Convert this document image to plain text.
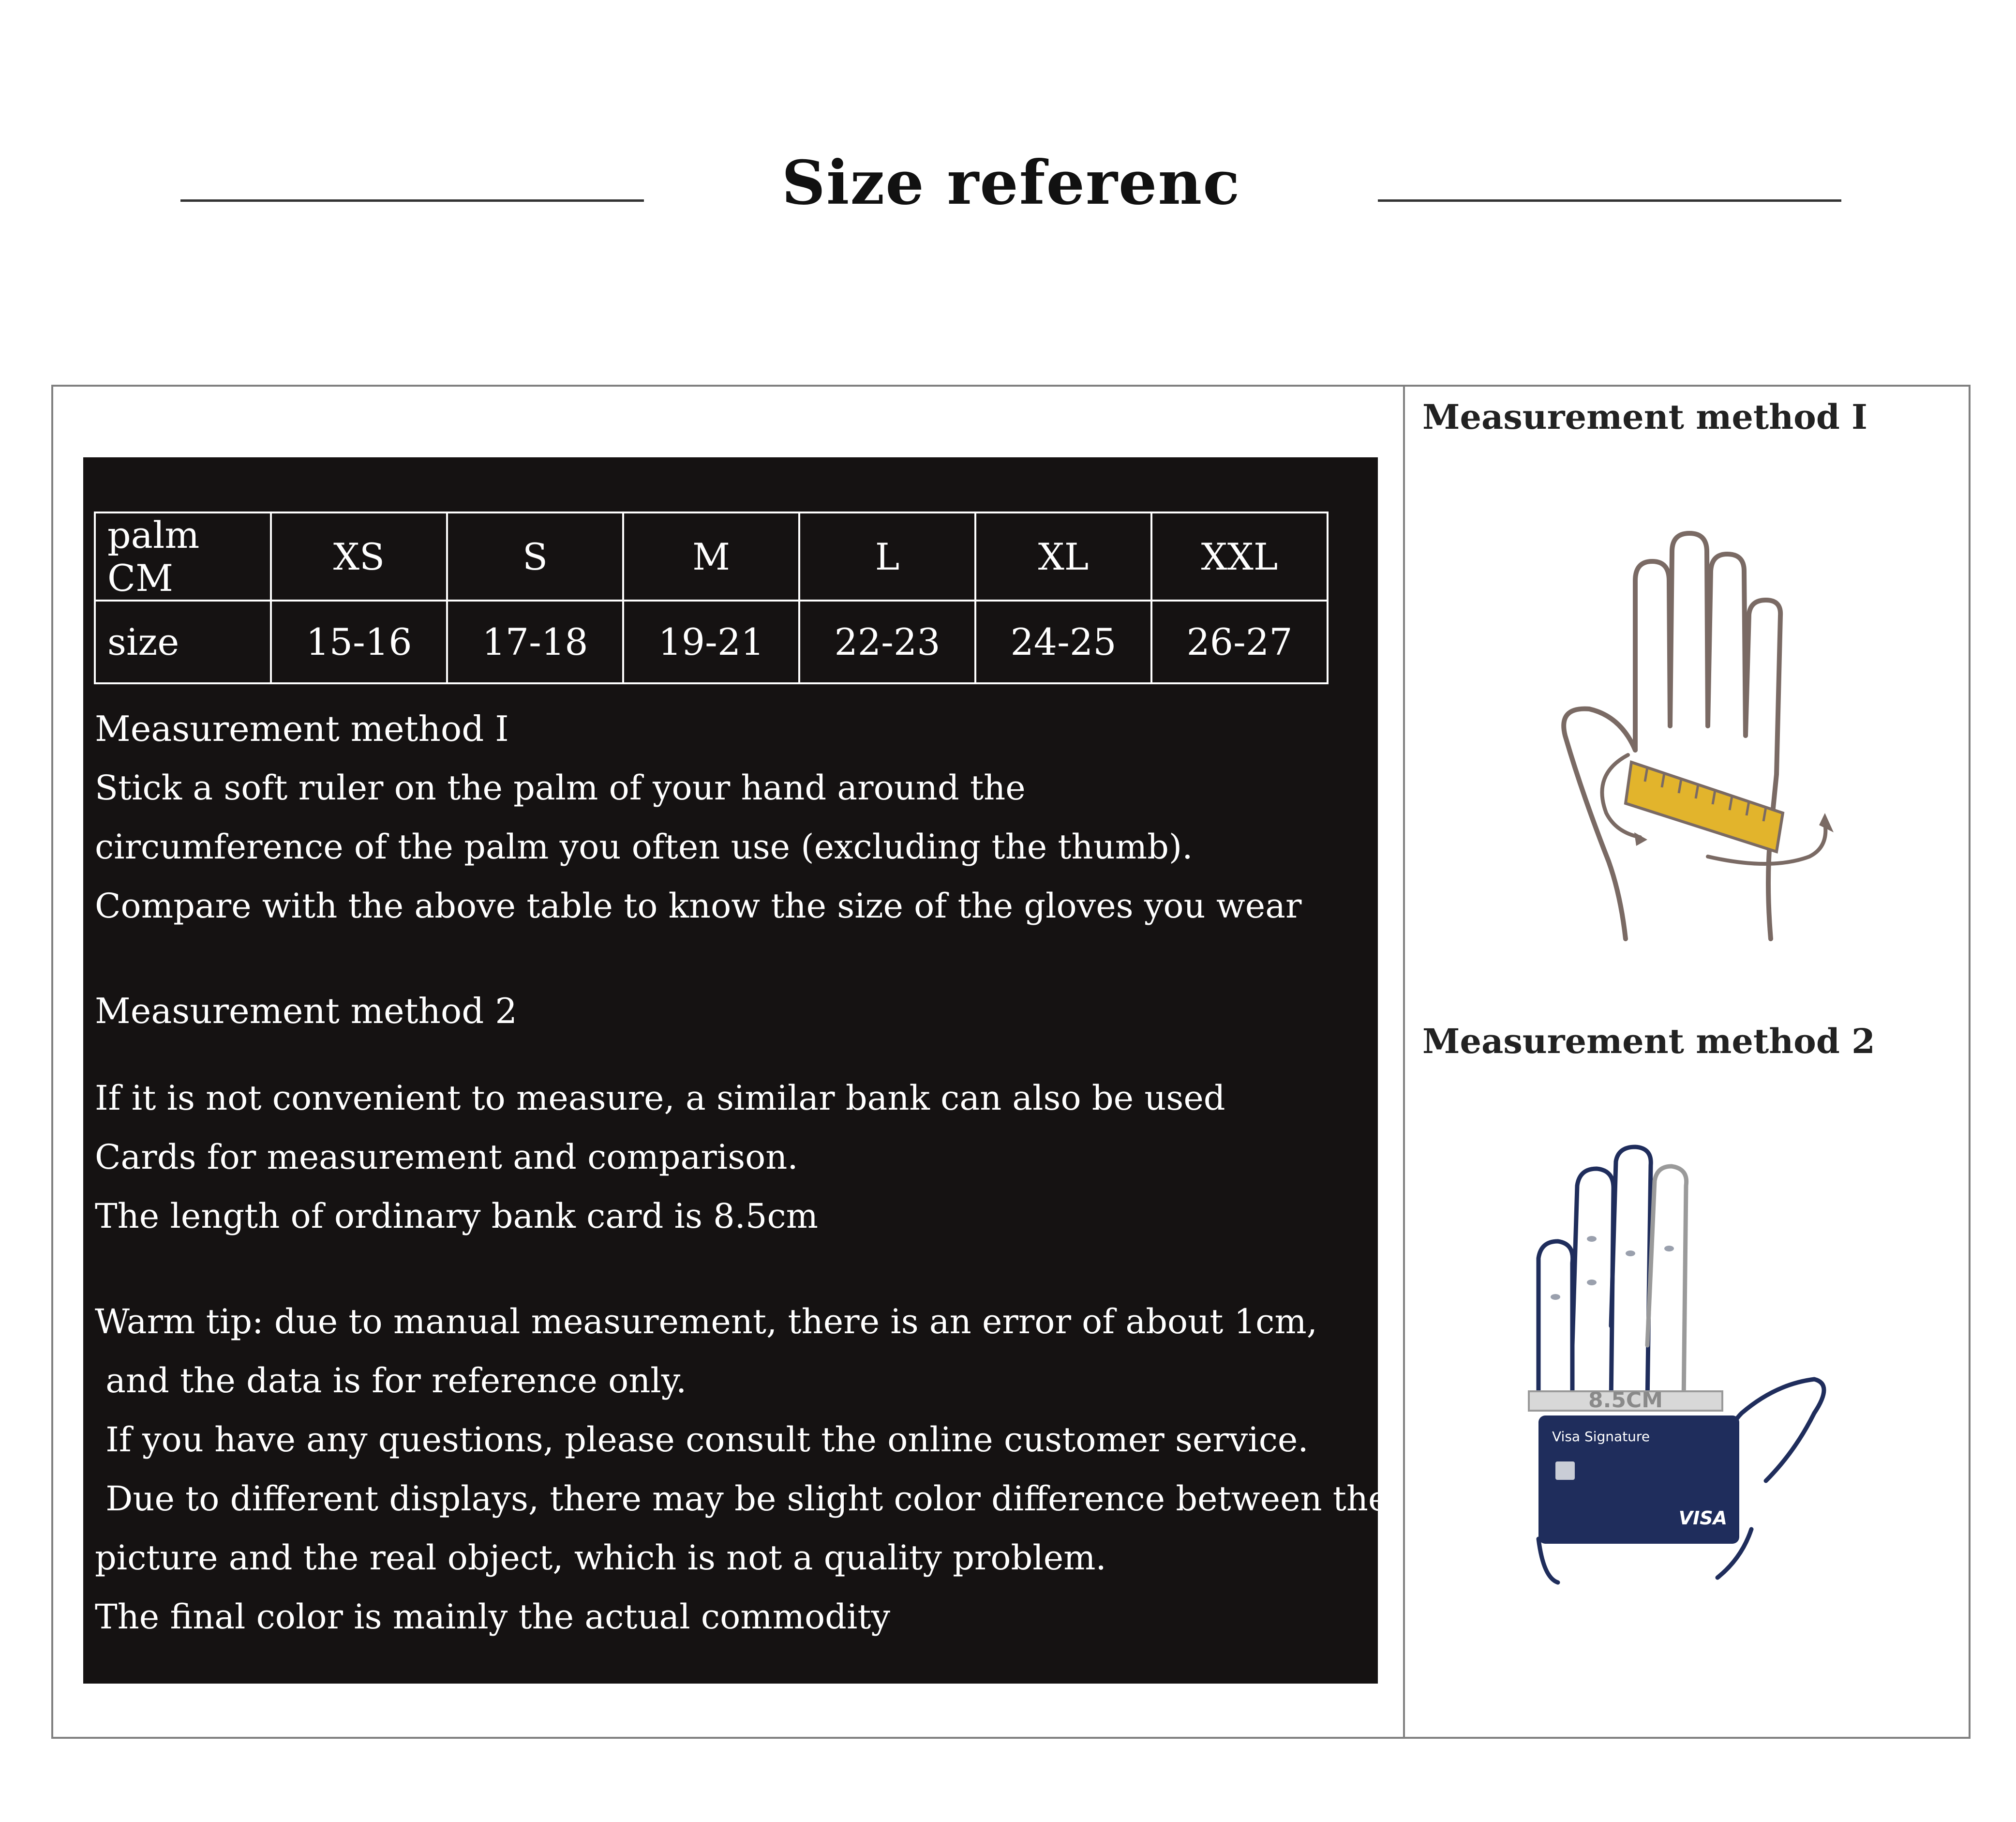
Size referenc
palm CM	XS	S	M	L	XL	XXL
size	15-16	17-18	19-21	22-23	24-25	26-27

Measurement method I

Stick a soft ruler on the palm of your hand around the

circumference of the palm you often use (excluding the thumb).

Compare with the above table to know the size of the gloves you wear

Measurement method 2

If it is not convenient to measure, a similar bank can also be used

Cards for measurement and comparison.

The length of ordinary bank card is 8.5cm

Warm tip: due to manual measurement, there is an error of about 1cm,

and the data is for reference only.

If you have any questions, please consult the online customer service.

Due to different displays, there may be slight color difference between the

picture and the real object, which is not a quality problem.

The final color is mainly the actual commodity

Measurement method I
Measurement method 2
8.5CM
Visa Signature
VISA
